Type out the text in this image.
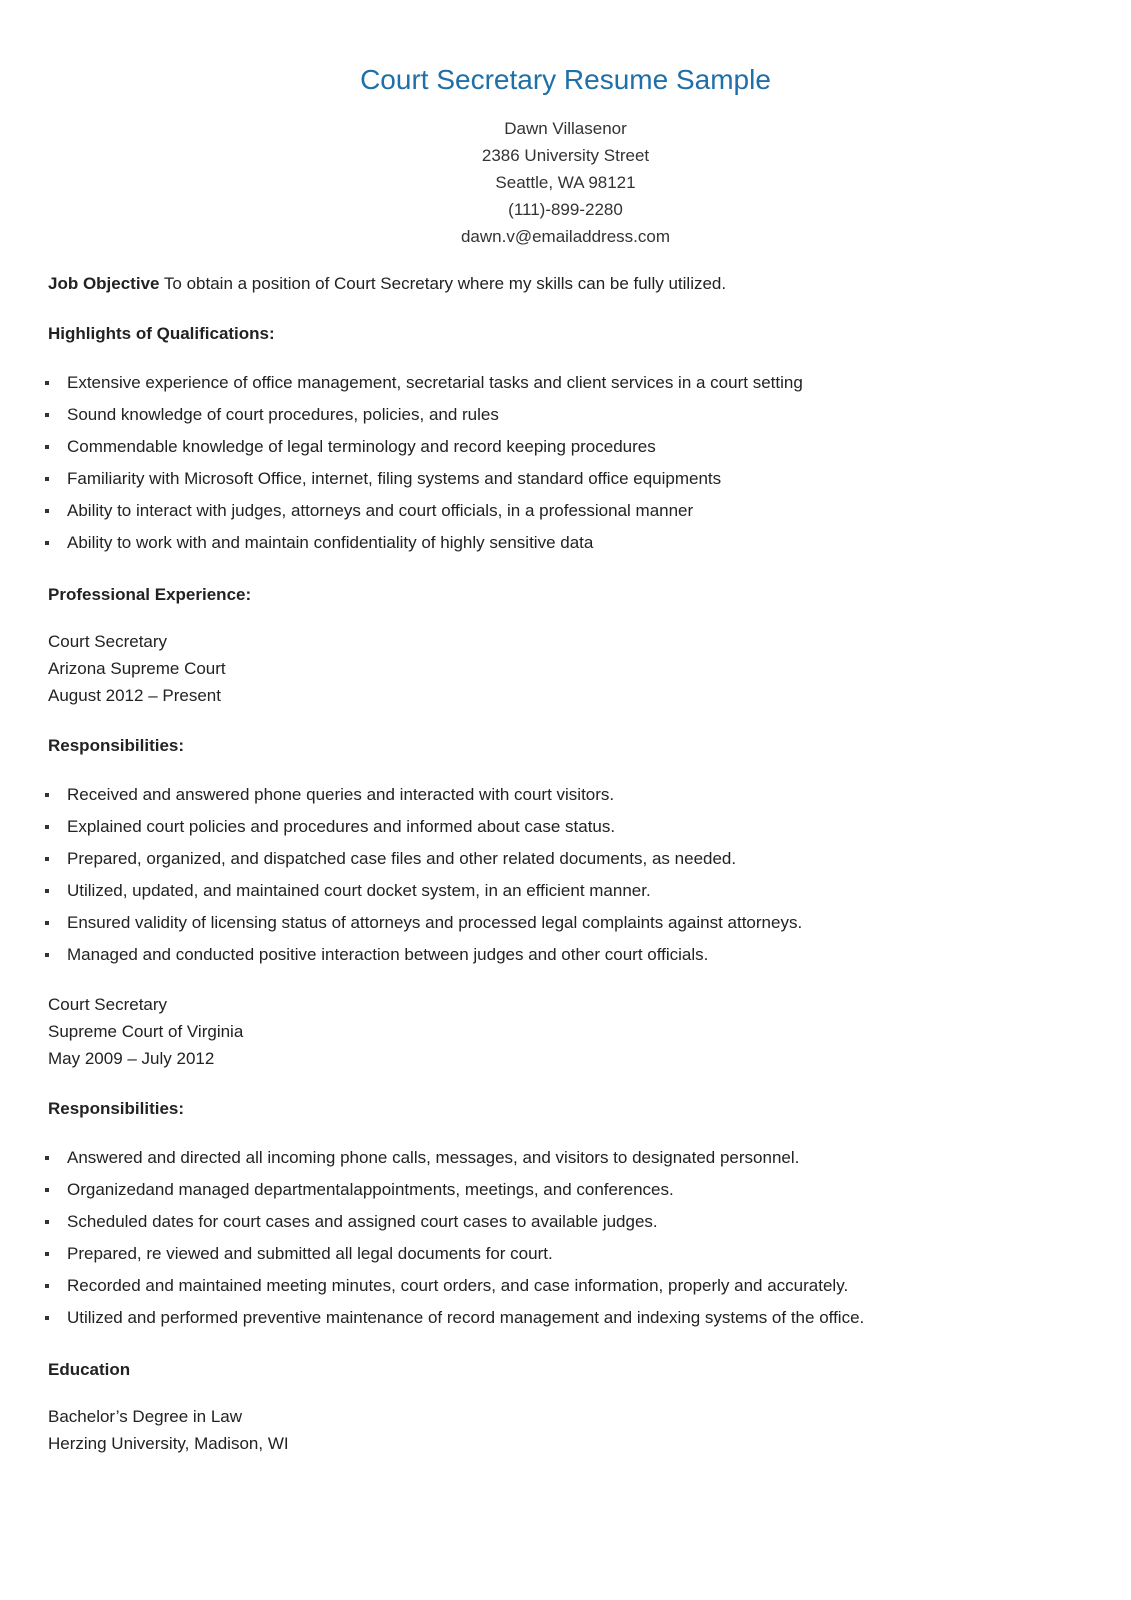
Court Secretary Resume Sample
Dawn Villasenor
2386 University Street
Seattle, WA 98121
(111)-899-2280
dawn.v@emailaddress.com
Job Objective To obtain a position of Court Secretary where my skills can be fully utilized.
Highlights of Qualifications:
Extensive experience of office management, secretarial tasks and client services in a court setting
Sound knowledge of court procedures, policies, and rules
Commendable knowledge of legal terminology and record keeping procedures
Familiarity with Microsoft Office, internet, filing systems and standard office equipments
Ability to interact with judges, attorneys and court officials, in a professional manner
Ability to work with and maintain confidentiality of highly sensitive data
Professional Experience:
Court Secretary
Arizona Supreme Court
August 2012 – Present
Responsibilities:
Received and answered phone queries and interacted with court visitors.
Explained court policies and procedures and informed about case status.
Prepared, organized, and dispatched case files and other related documents, as needed.
Utilized, updated, and maintained court docket system, in an efficient manner.
Ensured validity of licensing status of attorneys and processed legal complaints against attorneys.
Managed and conducted positive interaction between judges and other court officials.
Court Secretary
Supreme Court of Virginia
May 2009 – July 2012
Responsibilities:
Answered and directed all incoming phone calls, messages, and visitors to designated personnel.
Organizedand managed departmentalappointments, meetings, and conferences.
Scheduled dates for court cases and assigned court cases to available judges.
Prepared, re viewed and submitted all legal documents for court.
Recorded and maintained meeting minutes, court orders, and case information, properly and accurately.
Utilized and performed preventive maintenance of record management and indexing systems of the office.
Education
Bachelor’s Degree in Law
Herzing University, Madison, WI
